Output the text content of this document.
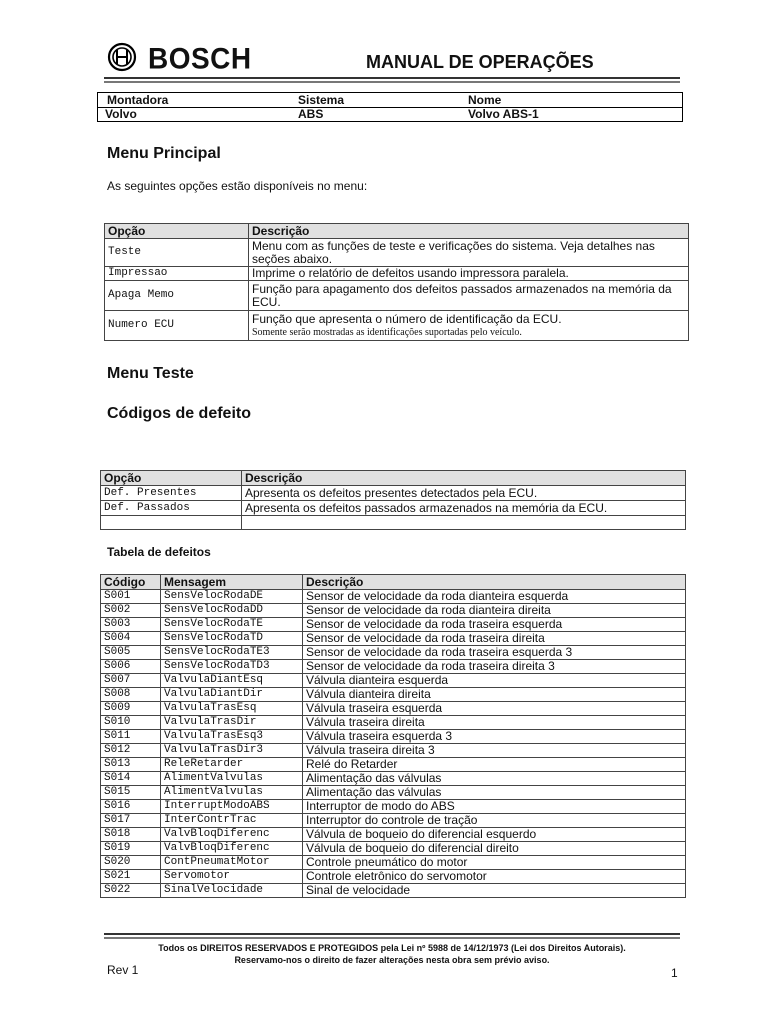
BOSCH	MANUAL DE OPERAÇÕES
Montadora	Sistema	Nome
Volvo	ABS	Volvo ABS-1
Menu Principal
As seguintes opções estão disponíveis no menu:
Opção	Descrição
Teste	Menu com as funções de teste e verificações do sistema. Veja detalhes nas seções abaixo.
Impressao	Imprime o relatório de defeitos usando impressora paralela.
Apaga Memo	Função para apagamento dos defeitos passados armazenados na memória da ECU.
Numero ECU	Função que apresenta o número de identificação da ECU.
Somente serão mostradas as identificações suportadas pelo veículo.
Menu Teste
Códigos de defeito
Opção	Descrição
Def. Presentes	Apresenta os defeitos presentes detectados pela ECU.
Def. Passados	Apresenta os defeitos passados armazenados na memória da ECU.

Tabela de defeitos
Código	Mensagem	Descrição
S001	SensVelocRodaDE	Sensor de velocidade da roda dianteira esquerda
S002	SensVelocRodaDD	Sensor de velocidade da roda dianteira direita
S003	SensVelocRodaTE	Sensor de velocidade da roda traseira esquerda
S004	SensVelocRodaTD	Sensor de velocidade da roda traseira direita
S005	SensVelocRodaTE3	Sensor de velocidade da roda traseira esquerda 3
S006	SensVelocRodaTD3	Sensor de velocidade da roda traseira direita 3
S007	ValvulaDiantEsq	Válvula dianteira esquerda
S008	ValvulaDiantDir	Válvula dianteira direita
S009	ValvulaTrasEsq	Válvula traseira esquerda
S010	ValvulaTrasDir	Válvula traseira direita
S011	ValvulaTrasEsq3	Válvula traseira esquerda 3
S012	ValvulaTrasDir3	Válvula traseira direita 3
S013	ReleRetarder	Relé do Retarder
S014	AlimentValvulas	Alimentação das válvulas
S015	AlimentValvulas	Alimentação das válvulas
S016	InterruptModoABS	Interruptor de modo do ABS
S017	InterContrTrac	Interruptor do controle de tração
S018	ValvBloqDiferenc	Válvula de boqueio do diferencial esquerdo
S019	ValvBloqDiferenc	Válvula de boqueio do diferencial direito
S020	ContPneumatMotor	Controle pneumático do motor
S021	Servomotor	Controle eletrônico do servomotor
S022	SinalVelocidade	Sinal de velocidade
Todos os DIREITOS RESERVADOS E PROTEGIDOS pela Lei nº 5988 de 14/12/1973 (Lei dos Direitos Autorais).
Reservamo-nos o direito de fazer alterações nesta obra sem prévio aviso.
Rev 1	1
